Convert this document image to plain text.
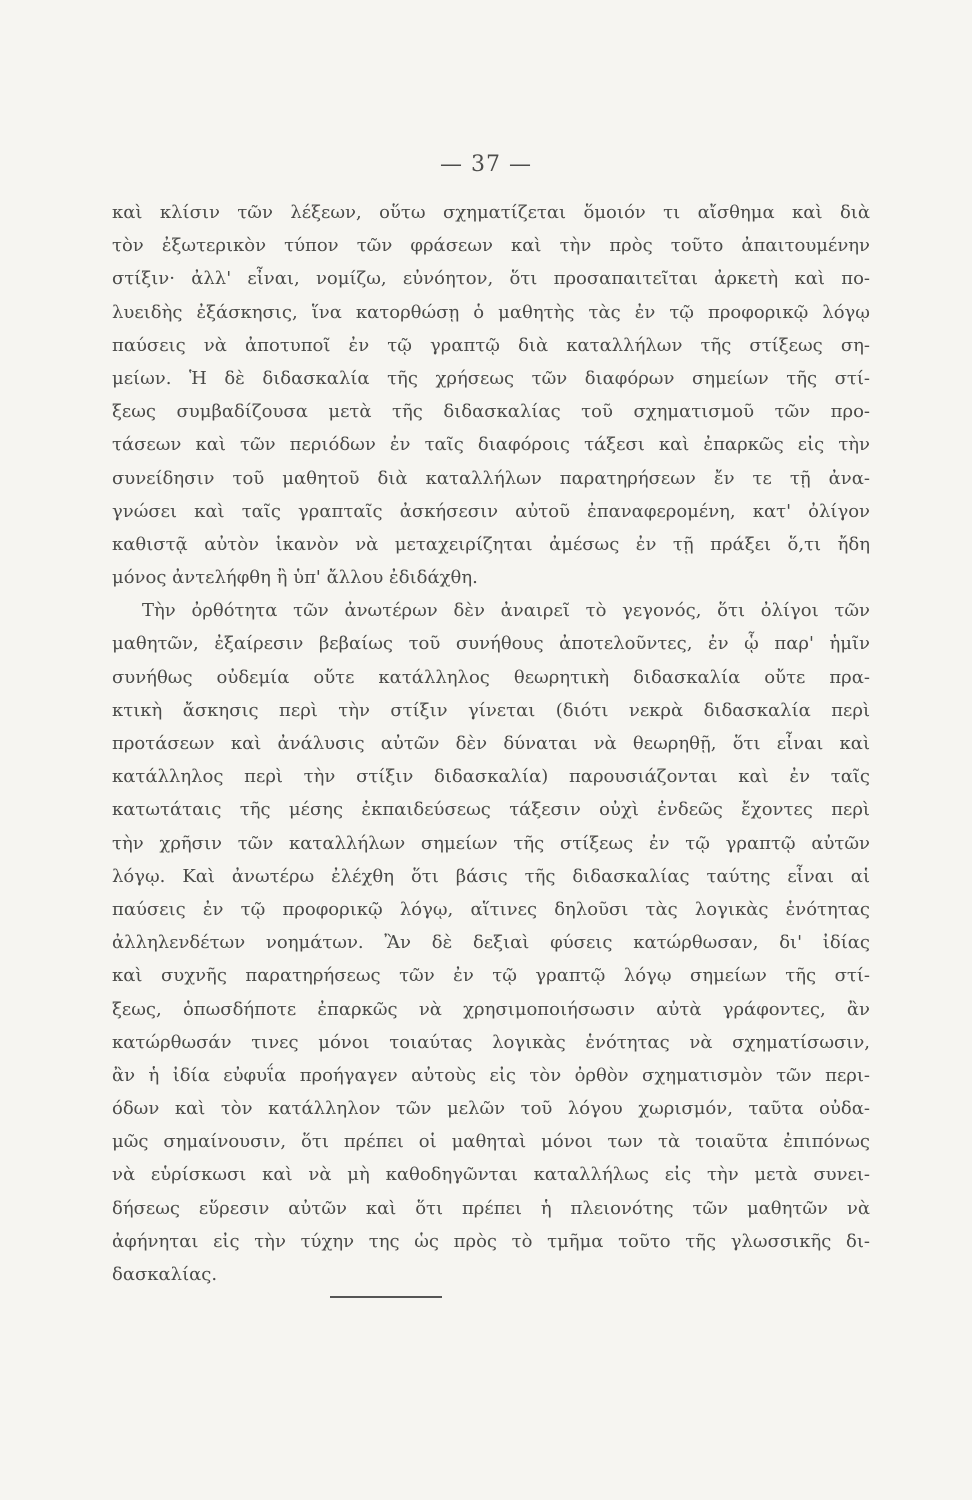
— 37 —
καὶ κλίσιν τῶν λέξεων, οὕτω σχηματίζεται ὅμοιόν τι αἴσθημα καὶ διὰ
τὸν ἐξωτερικὸν τύπον τῶν φράσεων καὶ τὴν πρὸς τοῦτο ἀπαιτουμένην
στίξιν· ἀλλ' εἶναι, νομίζω, εὐνόητον, ὅτι προσαπαιτεῖται ἀρκετὴ καὶ πο-
λυειδὴς ἐξάσκησις, ἵνα κατορθώσῃ ὁ μαθητὴς τὰς ἐν τῷ προφορικῷ λόγῳ
παύσεις νὰ ἀποτυποῖ ἐν τῷ γραπτῷ διὰ καταλλήλων τῆς στίξεως ση-
μείων. Ἡ δὲ διδασκαλία τῆς χρήσεως τῶν διαφόρων σημείων τῆς στί-
ξεως συμβαδίζουσα μετὰ τῆς διδασκαλίας τοῦ σχηματισμοῦ τῶν προ-
τάσεων καὶ τῶν περιόδων ἐν ταῖς διαφόροις τάξεσι καὶ ἐπαρκῶς εἰς τὴν
συνείδησιν τοῦ μαθητοῦ διὰ καταλλήλων παρατηρήσεων ἔν τε τῇ ἀνα-
γνώσει καὶ ταῖς γραπταῖς ἀσκήσεσιν αὐτοῦ ἐπαναφερομένη, κατ' ὀλίγον
καθιστᾷ αὐτὸν ἱκανὸν νὰ μεταχειρίζηται ἀμέσως ἐν τῇ πράξει ὅ,τι ἤδη
μόνος ἀντελήφθη ἢ ὑπ' ἄλλου ἐδιδάχθη.
Τὴν ὀρθότητα τῶν ἀνωτέρων δὲν ἀναιρεῖ τὸ γεγονός, ὅτι ὀλίγοι τῶν
μαθητῶν, ἐξαίρεσιν βεβαίως τοῦ συνήθους ἀποτελοῦντες, ἐν ᾧ παρ' ἡμῖν
συνήθως οὐδεμία οὔτε κατάλληλος θεωρητικὴ διδασκαλία οὔτε πρα-
κτικὴ ἄσκησις περὶ τὴν στίξιν γίνεται (διότι νεκρὰ διδασκαλία περὶ
προτάσεων καὶ ἀνάλυσις αὐτῶν δὲν δύναται νὰ θεωρηθῇ, ὅτι εἶναι καὶ
κατάλληλος περὶ τὴν στίξιν διδασκαλία) παρουσιάζονται καὶ ἐν ταῖς
κατωτάταις τῆς μέσης ἐκπαιδεύσεως τάξεσιν οὐχὶ ἐνδεῶς ἔχοντες περὶ
τὴν χρῆσιν τῶν καταλλήλων σημείων τῆς στίξεως ἐν τῷ γραπτῷ αὐτῶν
λόγῳ. Καὶ ἀνωτέρω ἐλέχθη ὅτι βάσις τῆς διδασκαλίας ταύτης εἶναι αἱ
παύσεις ἐν τῷ προφορικῷ λόγῳ, αἵτινες δηλοῦσι τὰς λογικὰς ἑνότητας
ἀλληλενδέτων νοημάτων. Ἂν δὲ δεξιαὶ φύσεις κατώρθωσαν, δι' ἰδίας
καὶ συχνῆς παρατηρήσεως τῶν ἐν τῷ γραπτῷ λόγῳ σημείων τῆς στί-
ξεως, ὁπωσδήποτε ἐπαρκῶς νὰ χρησιμοποιήσωσιν αὐτὰ γράφοντες, ἂν
κατώρθωσάν τινες μόνοι τοιαύτας λογικὰς ἑνότητας νὰ σχηματίσωσιν,
ἂν ἡ ἰδία εὐφυΐα προήγαγεν αὐτοὺς εἰς τὸν ὀρθὸν σχηματισμὸν τῶν περι-
όδων καὶ τὸν κατάλληλον τῶν μελῶν τοῦ λόγου χωρισμόν, ταῦτα οὐδα-
μῶς σημαίνουσιν, ὅτι πρέπει οἱ μαθηταὶ μόνοι των τὰ τοιαῦτα ἐπιπόνως
νὰ εὑρίσκωσι καὶ νὰ μὴ καθοδηγῶνται καταλλήλως εἰς τὴν μετὰ συνει-
δήσεως εὕρεσιν αὐτῶν καὶ ὅτι πρέπει ἡ πλειονότης τῶν μαθητῶν νὰ
ἀφήνηται εἰς τὴν τύχην της ὡς πρὸς τὸ τμῆμα τοῦτο τῆς γλωσσικῆς δι-
δασκαλίας.
